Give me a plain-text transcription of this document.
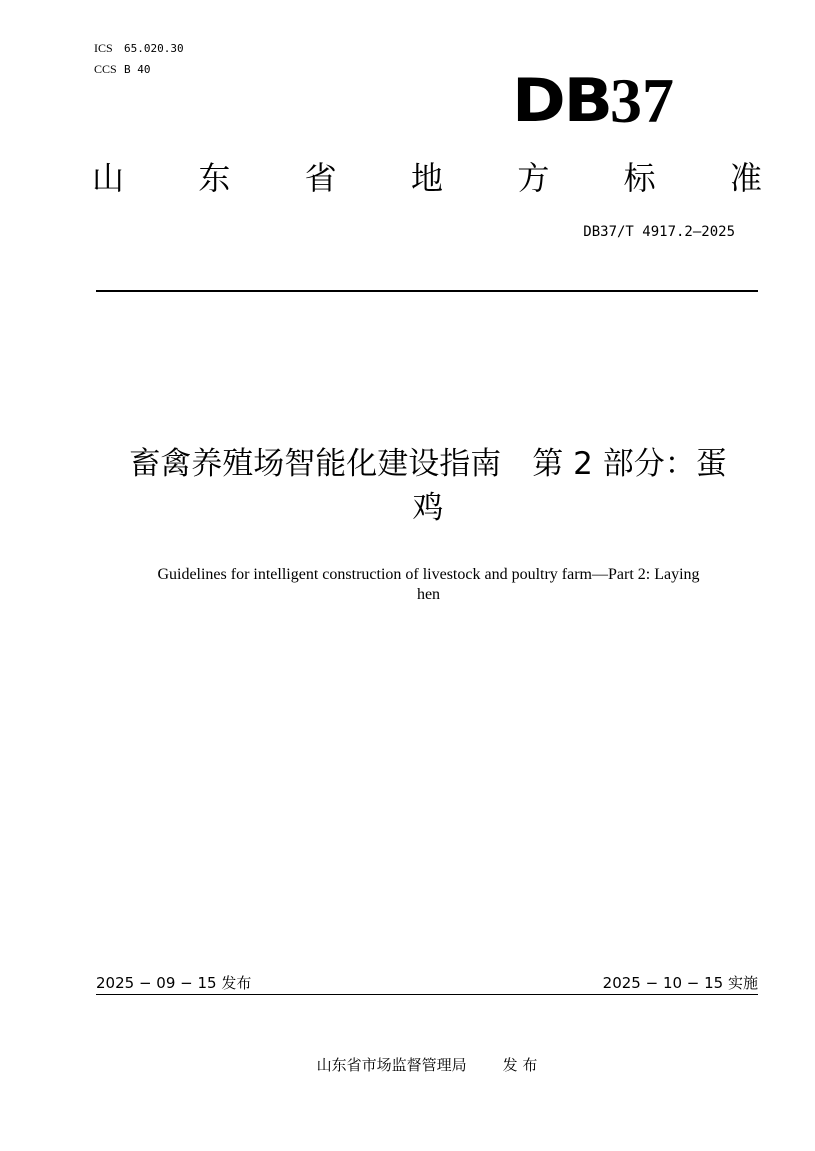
ICS 65.020.30
CCS B 40	DB 37
山 东 省 地 方 标 准
DB37/T 4917.2—2025
畜禽养殖场智能化建设指南　第 2 部分：蛋
鸡
Guidelines for intelligent construction of livestock and poultry farm—Part 2: Laying
hen
2025 − 09 − 15 发布	2025 − 10 − 15 实施
山东省市场监督管理局 发 布
